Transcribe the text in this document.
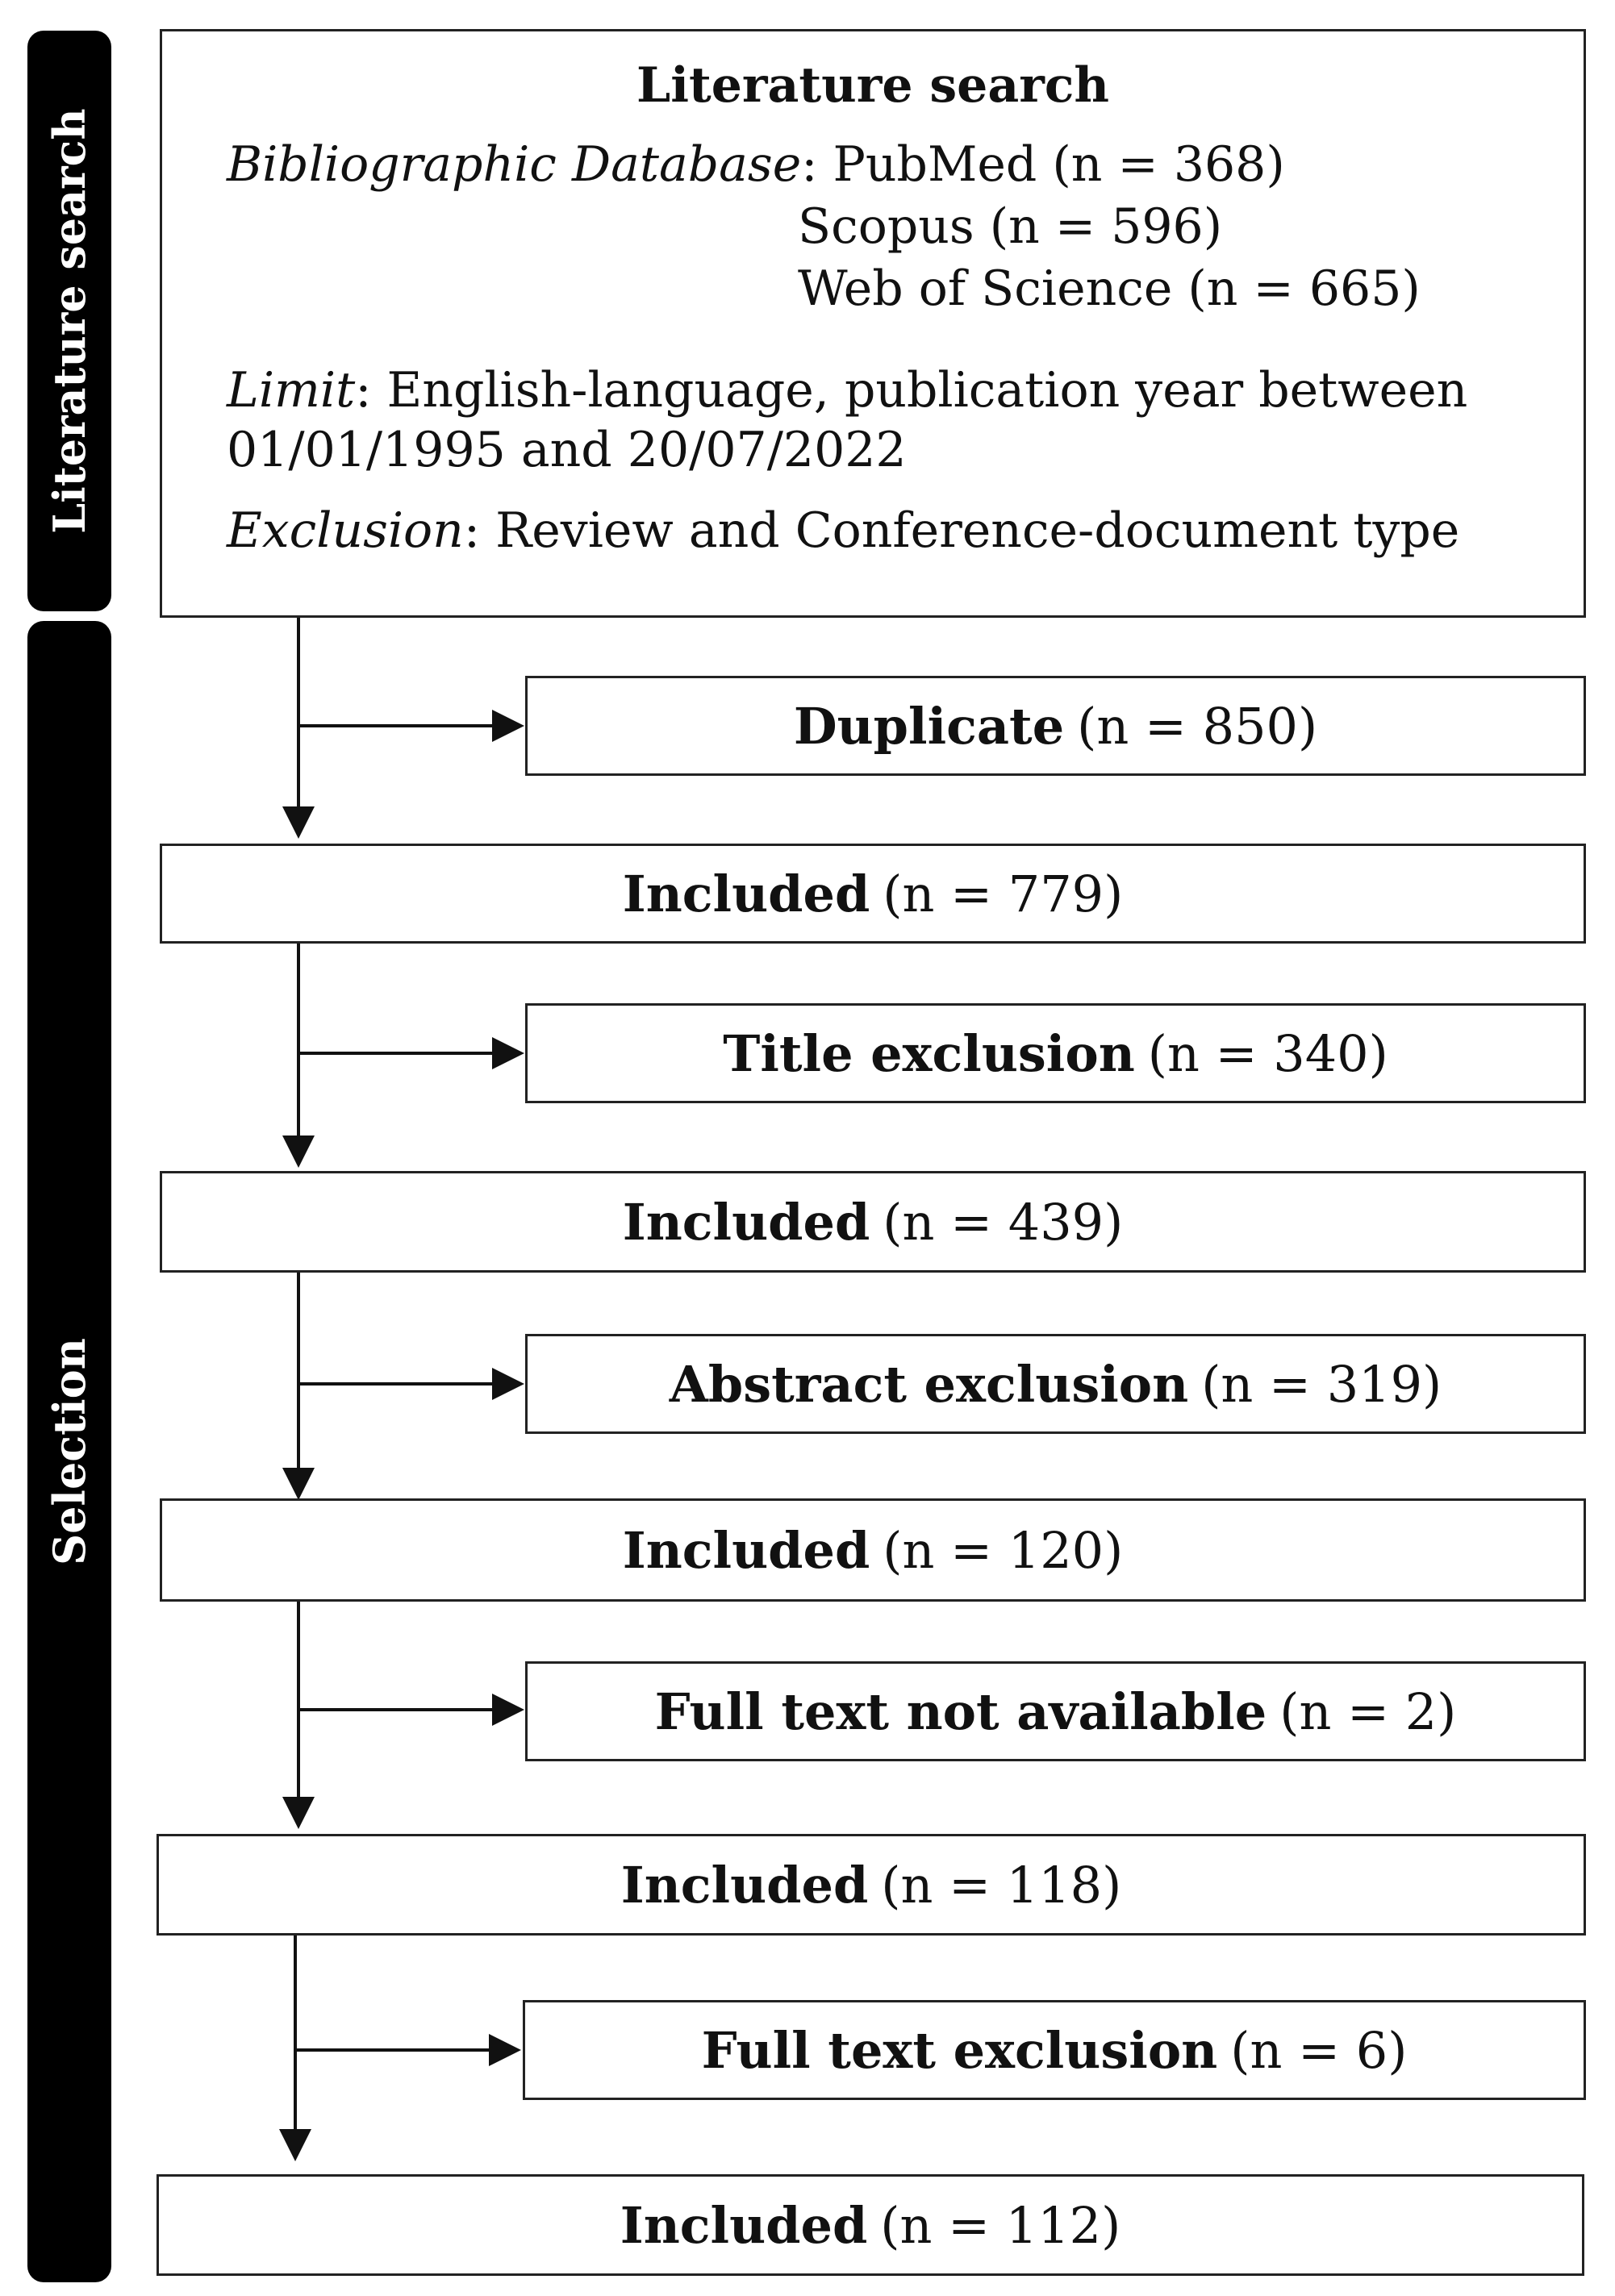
Literature search
Selection
Literature search
Bibliographic Database: PubMed (n = 368)
Scopus (n = 596)
Web of Science (n = 665)
Limit: English-language, publication year between
01/01/1995 and 20/07/2022
Exclusion: Review and Conference-document type
Duplicate (n = 850)
Title exclusion (n = 340)
Abstract exclusion (n = 319)
Full text not available (n = 2)
Full text exclusion (n = 6)
Included (n = 779)
Included (n = 439)
Included (n = 120)
Included (n = 118)
Included (n = 112)
